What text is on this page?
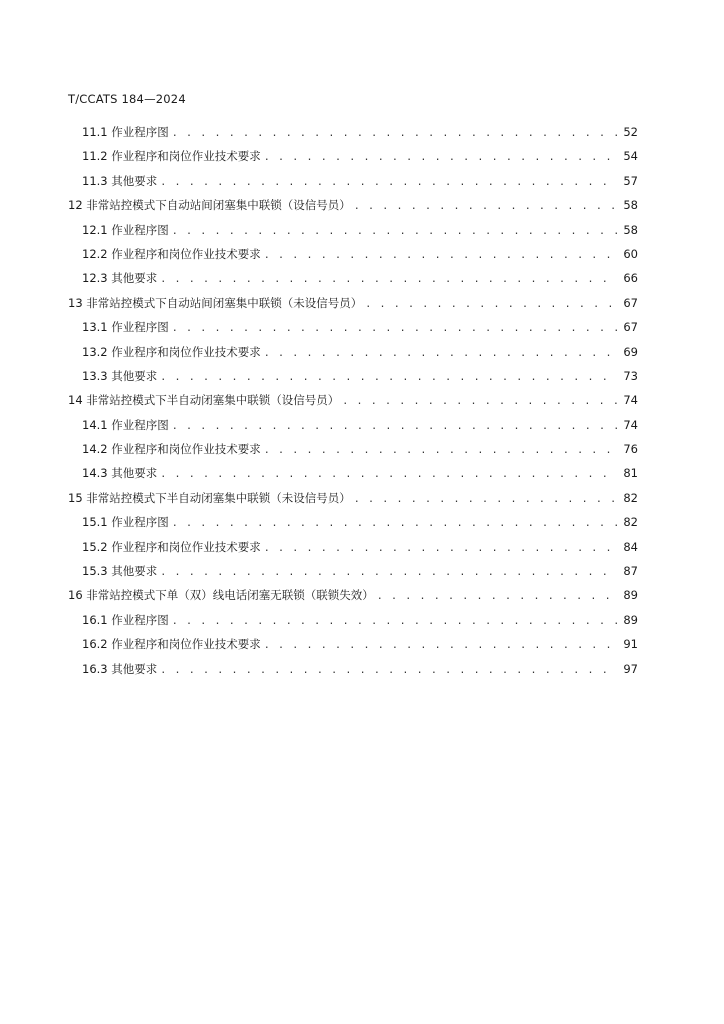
T/CCATS 184—2024
11.1 作业程序图 . . .	52
11.2 作业程序和岗位作业技术要求 . . .	54
11.3 其他要求 . . .	57
12 非常站控模式下自动站间闭塞集中联锁（设信号员） . . .	58
12.1 作业程序图 . . .	58
12.2 作业程序和岗位作业技术要求 . . .	60
12.3 其他要求 . . .	66
13 非常站控模式下自动站间闭塞集中联锁（未设信号员） . . .	67
13.1 作业程序图 . . .	67
13.2 作业程序和岗位作业技术要求 . . .	69
13.3 其他要求 . . .	73
14 非常站控模式下半自动闭塞集中联锁（设信号员） . . .	74
14.1 作业程序图 . . .	74
14.2 作业程序和岗位作业技术要求 . . .	76
14.3 其他要求 . . .	81
15 非常站控模式下半自动闭塞集中联锁（未设信号员） . . .	82
15.1 作业程序图 . . .	82
15.2 作业程序和岗位作业技术要求 . . .	84
15.3 其他要求 . . .	87
16 非常站控模式下单（双）线电话闭塞无联锁（联锁失效） . . .	89
16.1 作业程序图 . . .	89
16.2 作业程序和岗位作业技术要求 . . .	91
16.3 其他要求 . . .	97
